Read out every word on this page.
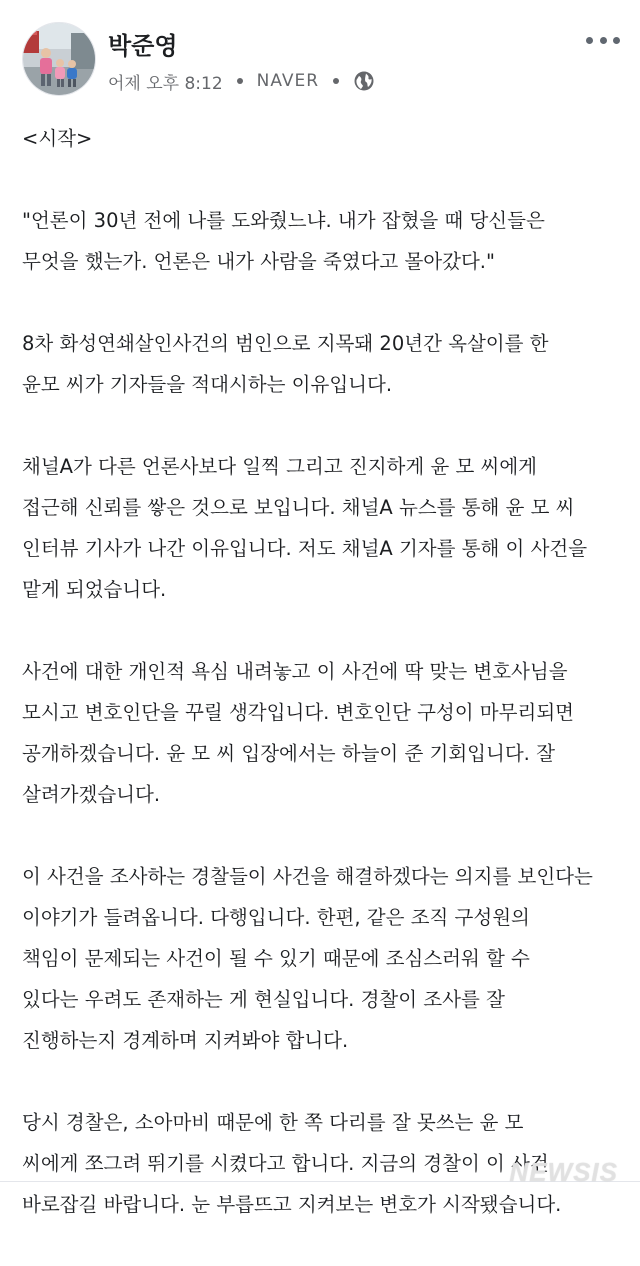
박준영
어제 오후 8:12 NAVER
<시작>
"언론이 30년 전에 나를 도와줬느냐. 내가 잡혔을 때 당신들은
무엇을 했는가. 언론은 내가 사람을 죽였다고 몰아갔다."
8차 화성연쇄살인사건의 범인으로 지목돼 20년간 옥살이를 한
윤모 씨가 기자들을 적대시하는 이유입니다.
채널A가 다른 언론사보다 일찍 그리고 진지하게 윤 모 씨에게
접근해 신뢰를 쌓은 것으로 보입니다. 채널A 뉴스를 통해 윤 모 씨
인터뷰 기사가 나간 이유입니다. 저도 채널A 기자를 통해 이 사건을
맡게 되었습니다.
사건에 대한 개인적 욕심 내려놓고 이 사건에 딱 맞는 변호사님을
모시고 변호인단을 꾸릴 생각입니다. 변호인단 구성이 마무리되면
공개하겠습니다. 윤 모 씨 입장에서는 하늘이 준 기회입니다. 잘
살려가겠습니다.
이 사건을 조사하는 경찰들이 사건을 해결하겠다는 의지를 보인다는
이야기가 들려옵니다. 다행입니다. 한편, 같은 조직 구성원의
책임이 문제되는 사건이 될 수 있기 때문에 조심스러워 할 수
있다는 우려도 존재하는 게 현실입니다. 경찰이 조사를 잘
진행하는지 경계하며 지켜봐야 합니다.
당시 경찰은, 소아마비 때문에 한 쪽 다리를 잘 못쓰는 윤 모
씨에게 쪼그려 뛰기를 시켰다고 합니다. 지금의 경찰이 이 사건
바로잡길 바랍니다. 눈 부릅뜨고 지켜보는 변호가 시작됐습니다.
NEWSIS
